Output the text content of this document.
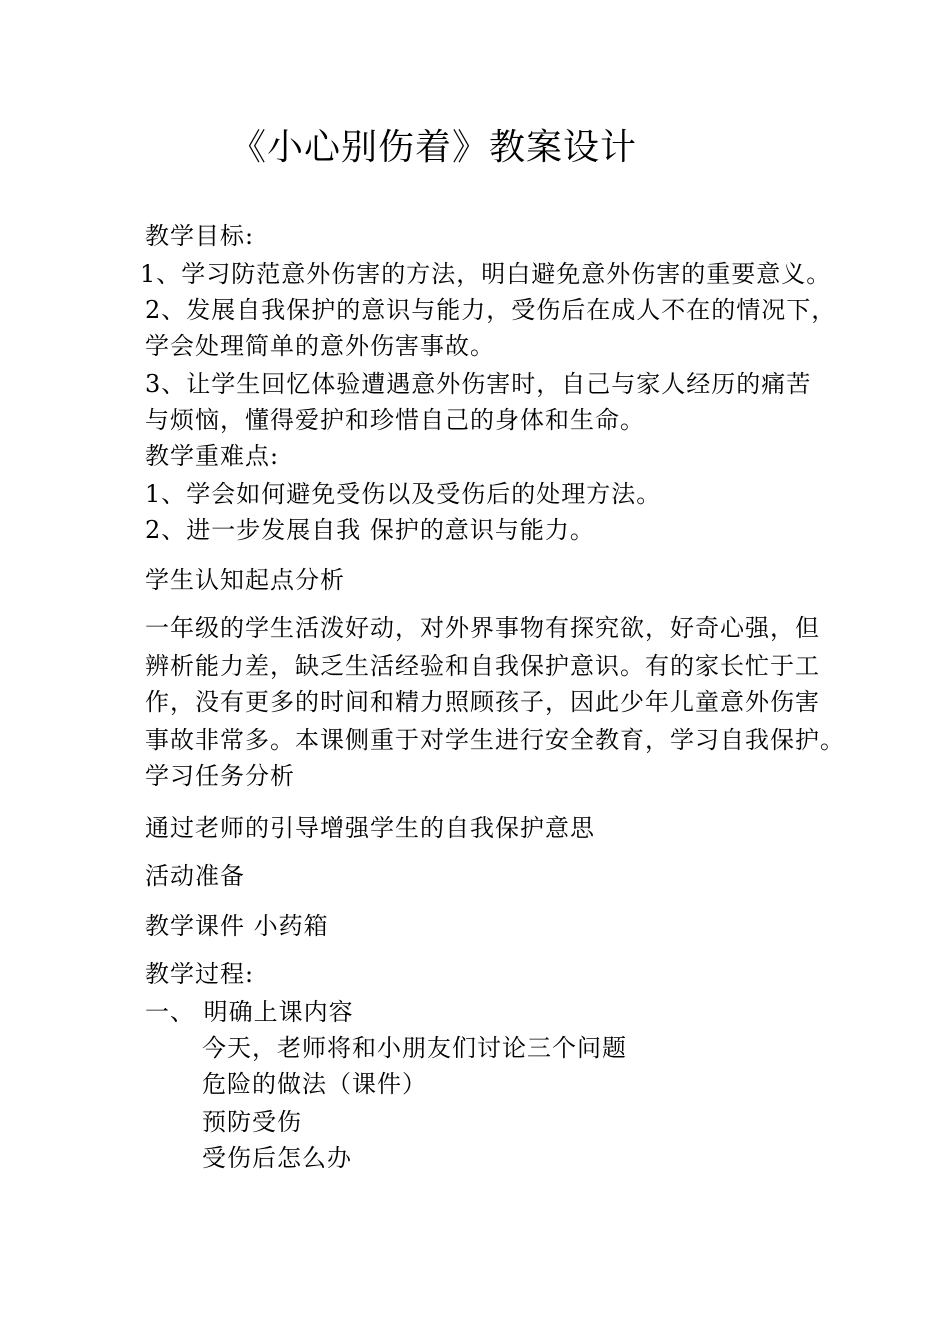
《小心别伤着》教案设计
教学目标:
1、学习防范意外伤害的方法，明白避免意外伤害的重要意义。
2、发展自我保护的意识与能力，受伤后在成人不在的情况下，
学会处理简单的意外伤害事故。
3、让学生回忆体验遭遇意外伤害时，自己与家人经历的痛苦
与烦恼，懂得爱护和珍惜自己的身体和生命。
教学重难点:
1、学会如何避免受伤以及受伤后的处理方法。
2、进一步发展自我 保护的意识与能力。
学生认知起点分析
一年级的学生活泼好动，对外界事物有探究欲，好奇心强，但
辨析能力差，缺乏生活经验和自我保护意识。有的家长忙于工
作，没有更多的时间和精力照顾孩子，因此少年儿童意外伤害
事故非常多。本课侧重于对学生进行安全教育，学习自我保护。
学习任务分析
通过老师的引导增强学生的自我保护意思
活动准备
教学课件 小药箱
教学过程:
一、 明确上课内容
今天，老师将和小朋友们讨论三个问题
危险的做法（课件）
预防受伤
受伤后怎么办
